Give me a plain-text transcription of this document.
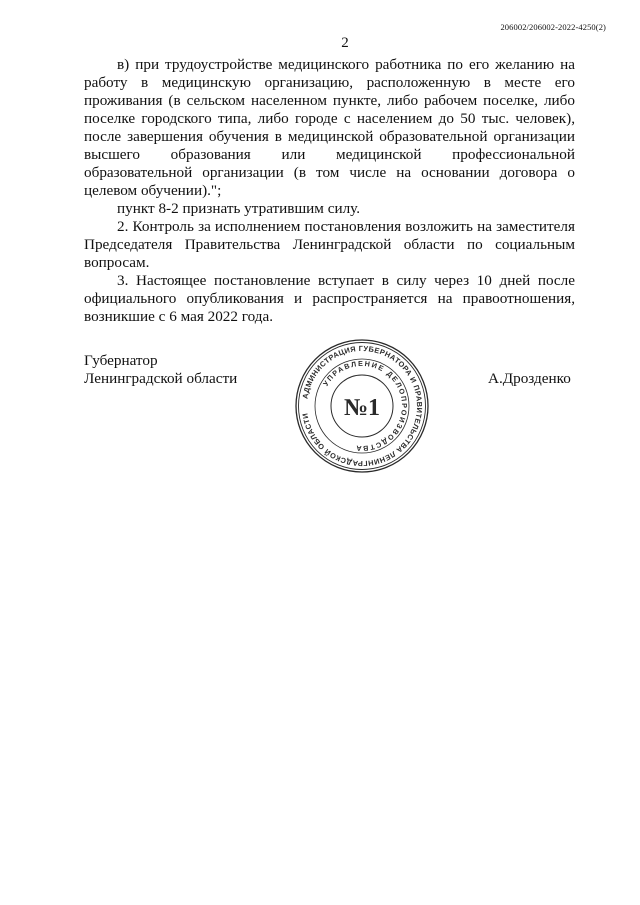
206002/206002-2022-4250(2)
2

в) при трудоустройстве медицинского работника по его желанию на работу в медицинскую организацию, расположенную в месте его проживания (в сельском населенном пункте, либо рабочем поселке, либо поселке городского типа, либо городе с населением до 50 тыс. человек), после завершения обучения в медицинской образовательной организации высшего образования или медицинской профессиональной образовательной организации (в том числе на основании договора о целевом обучении).";

пункт 8-2 признать утратившим силу.

2. Контроль за исполнением постановления возложить на заместителя Председателя Правительства Ленинградской области по социальным вопросам.

3. Настоящее постановление вступает в силу через 10 дней после официального опубликования и распространяется на правоотношения, возникшие с 6 мая 2022 года.

Губернатор
Ленинградской области	А.Дрозденко
АДМИНИСТРАЦИЯ ГУБЕРНАТОРА И ПРАВИТЕЛЬСТВА ЛЕНИНГРАДСКОЙ ОБЛАСТИ
УПРАВЛЕНИЕ ДЕЛОПРОИЗВОДСТВА
№1
